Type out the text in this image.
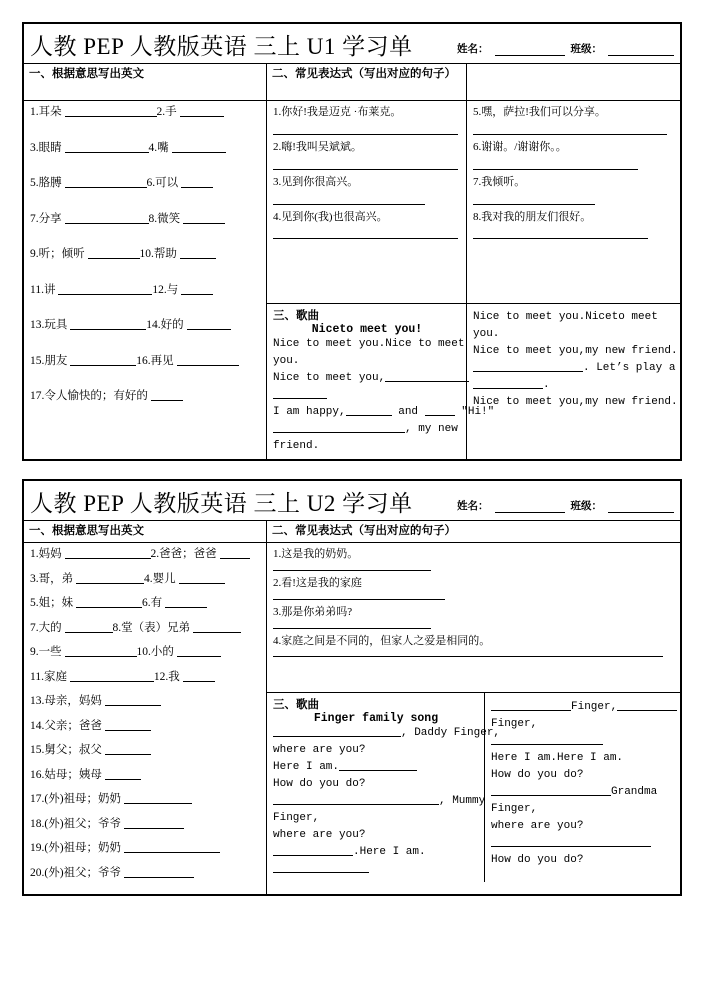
人教 PEP 人教版英语 三上 U1 学习单	姓名：	班级：
一、根据意思写出英文	二、常见表达式（写出对应的句子）
1.耳朵	2.手
3.眼睛	4.嘴
5.胳膊	6.可以
7.分享	8.微笑
9.听；倾听	10.帮助
11.讲	12.与
13.玩具	14.好的
15.朋友	16.再见
17.令人愉快的；有好的
1.你好!我是迈克 ·布莱克。
2.嗨!我叫吴斌斌。
3.见到你很高兴。
4.见到你(我)也很高兴。
三、歌曲
Niceto meet you!
Nice to meet you.Nice to meet
you.
Nice to meet you,
I am happy,	and	″Hi!″
, my new
friend.
5.嘿，萨拉!我们可以分享。
6.谢谢。/谢谢你。。
7.我倾听。
8.我对我的朋友们很好。
Nice to meet you.Niceto meet
you.
Nice to meet you,my new friend.
. Let’s play a
.
Nice to meet you,my new friend.
人教 PEP 人教版英语 三上 U2 学习单	姓名：	班级：
一、根据意思写出英文	二、常见表达式（写出对应的句子）
1.妈妈	2.爸爸；爸爸
3.哥，弟	4.婴儿
5.姐；妹	6.有
7.大的	8.堂（表）兄弟
9.一些	10.小的
11.家庭	12.我
13.母亲，妈妈
14.父亲；爸爸
15.舅父；叔父
16.姑母；姨母
17.(外)祖母；奶奶
18.(外)祖父；爷爷
19.(外)祖母；奶奶
20.(外)祖父；爷爷
1.这是我的奶奶。
2.看!这是我的家庭
3.那是你弟弟吗?
4.家庭之间是不同的，但家人之爱是相同的。
三、歌曲
Finger family song
, Daddy Finger,
where are you?
Here I am.
How do you do?
, Mummy
Finger,
where are you?
.Here I am.
Finger,
Finger,
Here I am.Here I am.
How do you do?
Grandma
Finger,
where are you?
How do you do?
